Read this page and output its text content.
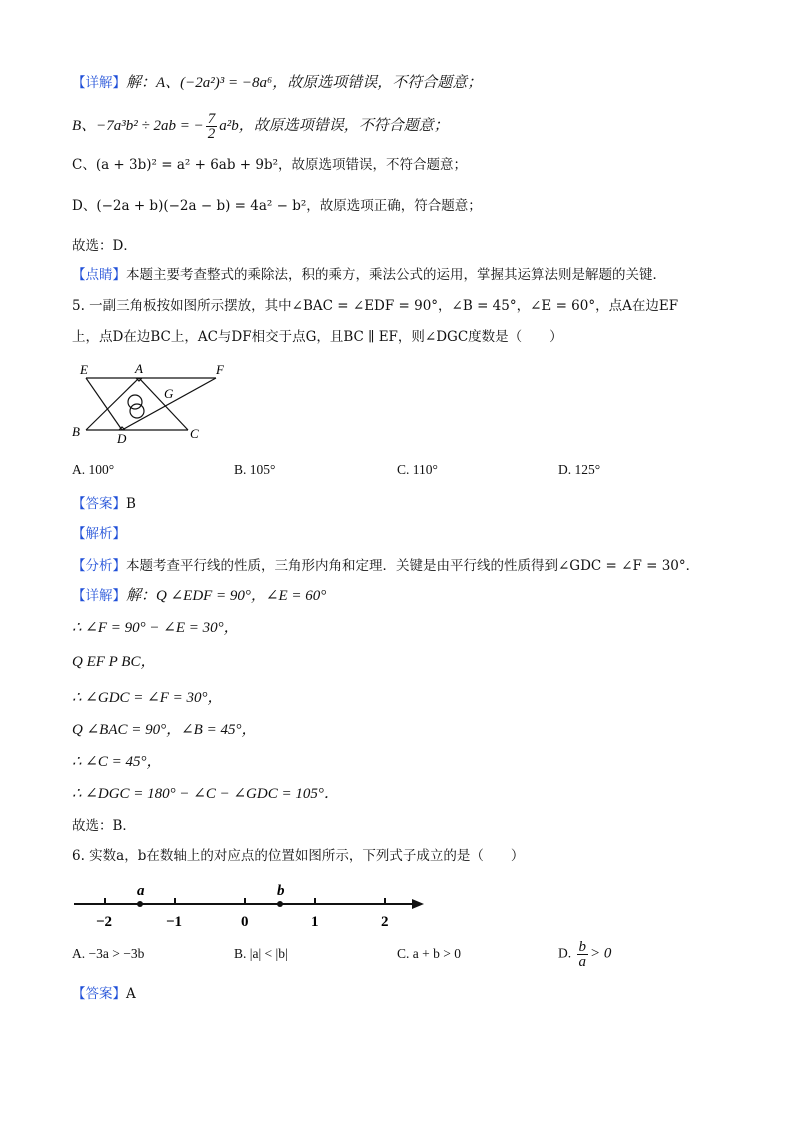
【详解】解：A、(−2a²)³ = −8a⁶，故原选项错误，不符合题意；
B、−7a³b² ÷ 2ab = − $\frac{7}{2} a^2b$，故原选项错误，不符合题意；
C、(a + 3b)² = a² + 6ab + 9b²，故原选项错误，不符合题意；
D、(−2a + b)(−2a − b) = 4a² − b²，故原选项正确，符合题意；
故选：D．
【点睛】本题主要考查整式的乘除法，积的乘方，乘法公式的运用，掌握其运算法则是解题的关键．
5. 一副三角板按如图所示摆放，其中∠BAC = ∠EDF = 90°，∠B = 45°，∠E = 60°，点A在边EF
上，点D在边BC上，AC与DF相交于点G，且BC ∥ EF，则∠DGC度数是（　　）
E	A	F
G
B	D	C
A. 100°	B. 105°	C. 110°	D. 125°
【答案】B
【解析】
【分析】本题考查平行线的性质，三角形内角和定理．关键是由平行线的性质得到∠GDC = ∠F = 30°．
【详解】解：Q ∠EDF = 90°，∠E = 60°
∴ ∠F = 90° − ∠E = 30°，
Q EF P BC，
∴ ∠GDC = ∠F = 30°，
Q ∠BAC = 90°，∠B = 45°，
∴ ∠C = 45°，
∴ ∠DGC = 180° − ∠C − ∠GDC = 105°．
故选：B．
6. 实数a，b在数轴上的对应点的位置如图所示，下列式子成立的是（　　）
−2	−1	0	1	2
a	b
A. −3a > −3b	B. |a| < |b|	C. a + b > 0	D. $\frac{b}{a} > 0$
【答案】A
